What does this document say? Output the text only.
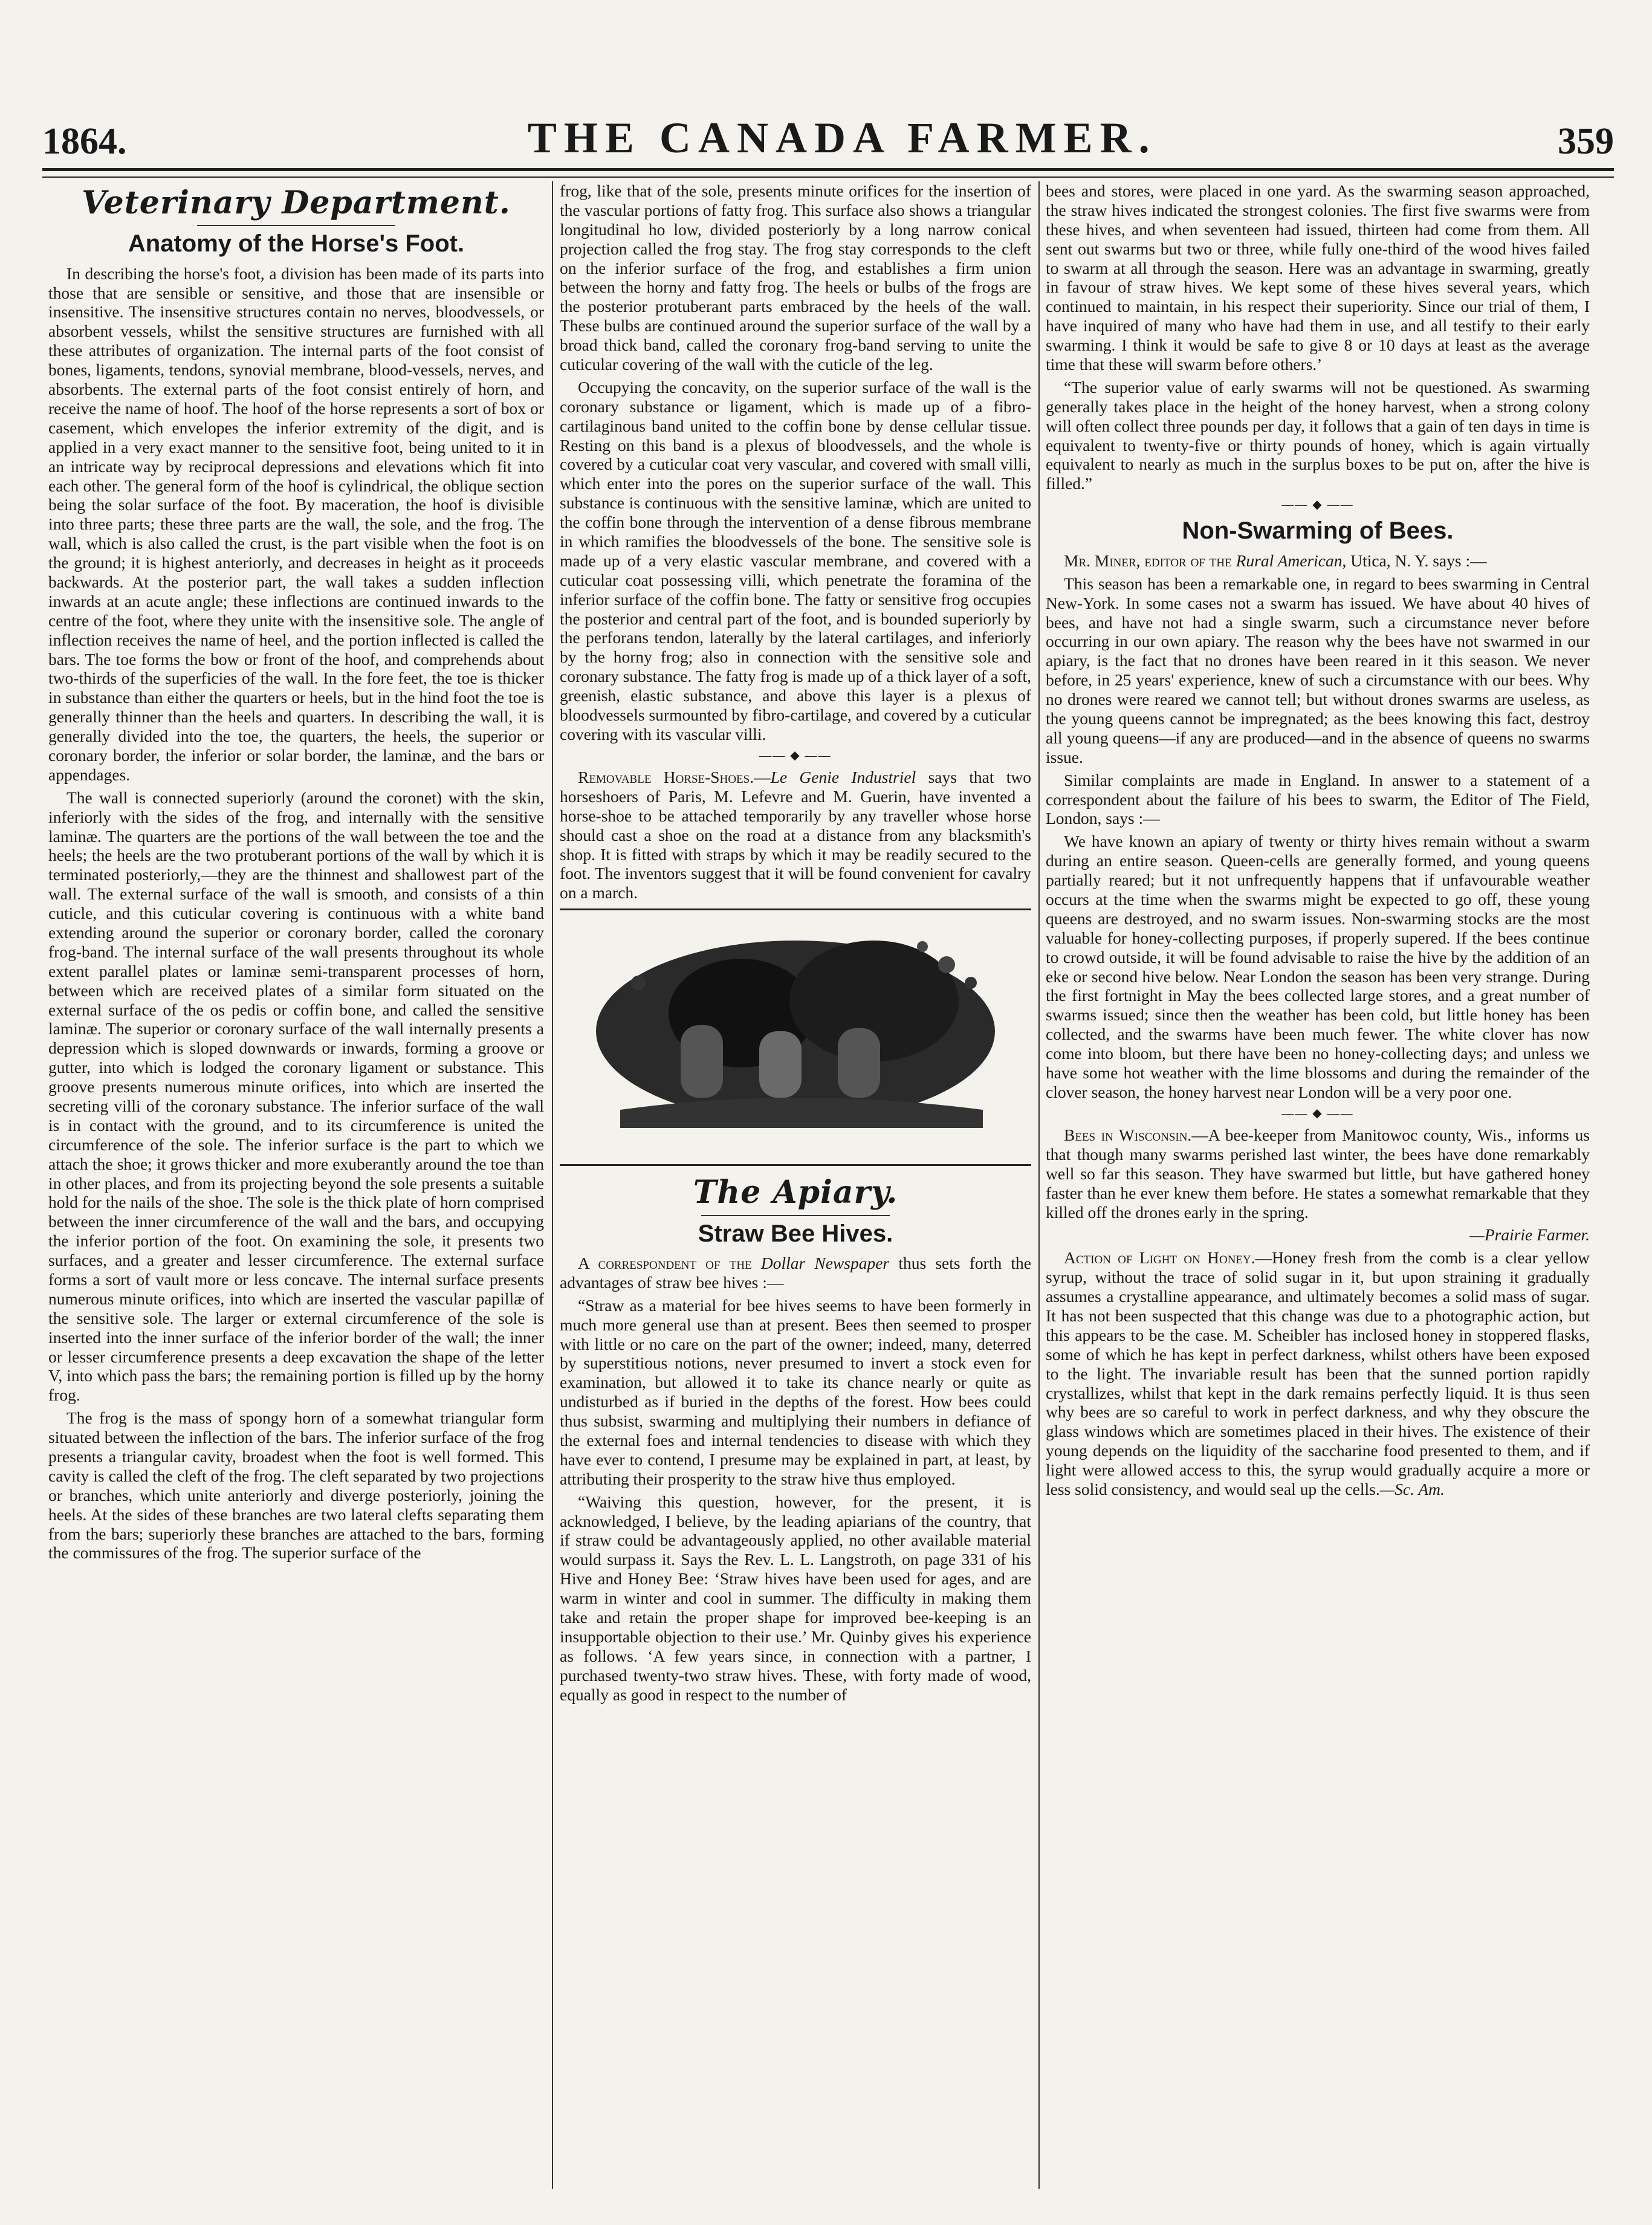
1864.	THE CANADA FARMER.	359
Veterinary Department.
Anatomy of the Horse's Foot.

In describing the horse's foot, a division has been made of its parts into those that are sensible or sensitive, and those that are insensible or insensitive. The insensitive structures contain no nerves, bloodvessels, or absorbent vessels, whilst the sensitive structures are furnished with all these attributes of organization. The internal parts of the foot consist of bones, ligaments, tendons, synovial membrane, blood-vessels, nerves, and absorbents. The external parts of the foot consist entirely of horn, and receive the name of hoof. The hoof of the horse represents a sort of box or casement, which envelopes the inferior extremity of the digit, and is applied in a very exact manner to the sensitive foot, being united to it in an intricate way by reciprocal depressions and elevations which fit into each other. The general form of the hoof is cylindrical, the oblique section being the solar surface of the foot. By maceration, the hoof is divisible into three parts; these three parts are the wall, the sole, and the frog. The wall, which is also called the crust, is the part visible when the foot is on the ground; it is highest anteriorly, and decreases in height as it proceeds backwards. At the posterior part, the wall takes a sudden inflection inwards at an acute angle; these inflections are continued inwards to the centre of the foot, where they unite with the insensitive sole. The angle of inflection receives the name of heel, and the portion inflected is called the bars. The toe forms the bow or front of the hoof, and comprehends about two-thirds of the superficies of the wall. In the fore feet, the toe is thicker in substance than either the quarters or heels, but in the hind foot the toe is generally thinner than the heels and quarters. In describing the wall, it is generally divided into the toe, the quarters, the heels, the superior or coronary border, the inferior or solar border, the laminæ, and the bars or appendages.

The wall is connected superiorly (around the coronet) with the skin, inferiorly with the sides of the frog, and internally with the sensitive laminæ. The quarters are the portions of the wall between the toe and the heels; the heels are the two protuberant portions of the wall by which it is terminated posteriorly,—they are the thinnest and shallowest part of the wall. The external surface of the wall is smooth, and consists of a thin cuticle, and this cuticular covering is continuous with a white band extending around the superior or coronary border, called the coronary frog-band. The internal surface of the wall presents throughout its whole extent parallel plates or laminæ semi-transparent processes of horn, between which are received plates of a similar form situated on the external surface of the os pedis or coffin bone, and called the sensitive laminæ. The superior or coronary surface of the wall internally presents a depression which is sloped downwards or inwards, forming a groove or gutter, into which is lodged the coronary ligament or substance. This groove presents numerous minute orifices, into which are inserted the secreting villi of the coronary substance. The inferior surface of the wall is in contact with the ground, and to its circumference is united the circumference of the sole. The inferior surface is the part to which we attach the shoe; it grows thicker and more exuberantly around the toe than in other places, and from its projecting beyond the sole presents a suitable hold for the nails of the shoe. The sole is the thick plate of horn comprised between the inner circumference of the wall and the bars, and occupying the inferior portion of the foot. On examining the sole, it presents two surfaces, and a greater and lesser circumference. The external surface forms a sort of vault more or less concave. The internal surface presents numerous minute orifices, into which are inserted the vascular papillæ of the sensitive sole. The larger or external circumference of the sole is inserted into the inner surface of the inferior border of the wall; the inner or lesser circumference presents a deep excavation the shape of the letter V, into which pass the bars; the remaining portion is filled up by the horny frog.

The frog is the mass of spongy horn of a somewhat triangular form situated between the inflection of the bars. The inferior surface of the frog presents a triangular cavity, broadest when the foot is well formed. This cavity is called the cleft of the frog. The cleft separated by two projections or branches, which unite anteriorly and diverge posteriorly, joining the heels. At the sides of these branches are two lateral clefts separating them from the bars; superiorly these branches are attached to the bars, forming the commissures of the frog. The superior surface of the

frog, like that of the sole, presents minute orifices for the insertion of the vascular portions of fatty frog. This surface also shows a triangular longitudinal ho low, divided posteriorly by a long narrow conical projection called the frog stay. The frog stay corresponds to the cleft on the inferior surface of the frog, and establishes a firm union between the horny and fatty frog. The heels or bulbs of the frogs are the posterior protuberant parts embraced by the heels of the wall. These bulbs are continued around the superior surface of the wall by a broad thick band, called the coronary frog-band serving to unite the cuticular covering of the wall with the cuticle of the leg.

Occupying the concavity, on the superior surface of the wall is the coronary substance or ligament, which is made up of a fibro-cartilaginous band united to the coffin bone by dense cellular tissue. Resting on this band is a plexus of bloodvessels, and the whole is covered by a cuticular coat very vascular, and covered with small villi, which enter into the pores on the superior surface of the wall. This substance is continuous with the sensitive laminæ, which are united to the coffin bone through the intervention of a dense fibrous membrane in which ramifies the bloodvessels of the bone. The sensitive sole is made up of a very elastic vascular membrane, and covered with a cuticular coat possessing villi, which penetrate the foramina of the inferior surface of the coffin bone. The fatty or sensitive frog occupies the posterior and central part of the foot, and is bounded superiorly by the perforans tendon, laterally by the lateral cartilages, and inferiorly by the horny frog; also in connection with the sensitive sole and coronary substance. The fatty frog is made up of a thick layer of a soft, greenish, elastic substance, and above this layer is a plexus of bloodvessels surmounted by fibro-cartilage, and covered by a cuticular covering with its vascular villi.

—— ◆ ——

Removable Horse-Shoes.—Le Genie Industriel says that two horseshoers of Paris, M. Lefevre and M. Guerin, have invented a horse-shoe to be attached temporarily by any traveller whose horse should cast a shoe on the road at a distance from any blacksmith's shop. It is fitted with straps by which it may be readily secured to the foot. The inventors suggest that it will be found convenient for cavalry on a march.

The Apiary.
Straw Bee Hives.

A correspondent of the Dollar Newspaper thus sets forth the advantages of straw bee hives :—

“Straw as a material for bee hives seems to have been formerly in much more general use than at present. Bees then seemed to prosper with little or no care on the part of the owner; indeed, many, deterred by superstitious notions, never presumed to invert a stock even for examination, but allowed it to take its chance nearly or quite as undisturbed as if buried in the depths of the forest. How bees could thus subsist, swarming and multiplying their numbers in defiance of the external foes and internal tendencies to disease with which they have ever to contend, I presume may be explained in part, at least, by attributing their prosperity to the straw hive thus employed.

“Waiving this question, however, for the present, it is acknowledged, I believe, by the leading apiarians of the country, that if straw could be advantageously applied, no other available material would surpass it. Says the Rev. L. L. Langstroth, on page 331 of his Hive and Honey Bee: ‘Straw hives have been used for ages, and are warm in winter and cool in summer. The difficulty in making them take and retain the proper shape for improved bee-keeping is an insupportable objection to their use.’ Mr. Quinby gives his experience as follows. ‘A few years since, in connection with a partner, I purchased twenty-two straw hives. These, with forty made of wood, equally as good in respect to the number of

bees and stores, were placed in one yard. As the swarming season approached, the straw hives indicated the strongest colonies. The first five swarms were from these hives, and when seventeen had issued, thirteen had come from them. All sent out swarms but two or three, while fully one-third of the wood hives failed to swarm at all through the season. Here was an advantage in swarming, greatly in favour of straw hives. We kept some of these hives several years, which continued to maintain, in his respect their superiority. Since our trial of them, I have inquired of many who have had them in use, and all testify to their early swarming. I think it would be safe to give 8 or 10 days at least as the average time that these will swarm before others.’

“The superior value of early swarms will not be questioned. As swarming generally takes place in the height of the honey harvest, when a strong colony will often collect three pounds per day, it follows that a gain of ten days in time is equivalent to twenty-five or thirty pounds of honey, which is again virtually equivalent to nearly as much in the surplus boxes to be put on, after the hive is filled.”

—— ◆ ——
Non-Swarming of Bees.

Mr. Miner, editor of the Rural American, Utica, N. Y. says :—

This season has been a remarkable one, in regard to bees swarming in Central New-York. In some cases not a swarm has issued. We have about 40 hives of bees, and have not had a single swarm, such a circumstance never before occurring in our own apiary. The reason why the bees have not swarmed in our apiary, is the fact that no drones have been reared in it this season. We never before, in 25 years' experience, knew of such a circumstance with our bees. Why no drones were reared we cannot tell; but without drones swarms are useless, as the young queens cannot be impregnated; as the bees knowing this fact, destroy all young queens—if any are produced—and in the absence of queens no swarms issue.

Similar complaints are made in England. In answer to a statement of a correspondent about the failure of his bees to swarm, the Editor of The Field, London, says :—

We have known an apiary of twenty or thirty hives remain without a swarm during an entire season. Queen-cells are generally formed, and young queens partially reared; but it not unfrequently happens that if unfavourable weather occurs at the time when the swarms might be expected to go off, these young queens are destroyed, and no swarm issues. Non-swarming stocks are the most valuable for honey-collecting purposes, if properly supered. If the bees continue to crowd outside, it will be found advisable to raise the hive by the addition of an eke or second hive below. Near London the season has been very strange. During the first fortnight in May the bees collected large stores, and a great number of swarms issued; since then the weather has been cold, but little honey has been collected, and the swarms have been much fewer. The white clover has now come into bloom, but there have been no honey-collecting days; and unless we have some hot weather with the lime blossoms and during the remainder of the clover season, the honey harvest near London will be a very poor one.

—— ◆ ——

Bees in Wisconsin.—A bee-keeper from Manitowoc county, Wis., informs us that though many swarms perished last winter, the bees have done remarkably well so far this season. They have swarmed but little, but have gathered honey faster than he ever knew them before. He states a somewhat remarkable that they killed off the drones early in the spring.

—Prairie Farmer.

Action of Light on Honey.—Honey fresh from the comb is a clear yellow syrup, without the trace of solid sugar in it, but upon straining it gradually assumes a crystalline appearance, and ultimately becomes a solid mass of sugar. It has not been suspected that this change was due to a photographic action, but this appears to be the case. M. Scheibler has inclosed honey in stoppered flasks, some of which he has kept in perfect darkness, whilst others have been exposed to the light. The invariable result has been that the sunned portion rapidly crystallizes, whilst that kept in the dark remains perfectly liquid. It is thus seen why bees are so careful to work in perfect darkness, and why they obscure the glass windows which are sometimes placed in their hives. The existence of their young depends on the liquidity of the saccharine food presented to them, and if light were allowed access to this, the syrup would gradually acquire a more or less solid consistency, and would seal up the cells.—Sc. Am.
